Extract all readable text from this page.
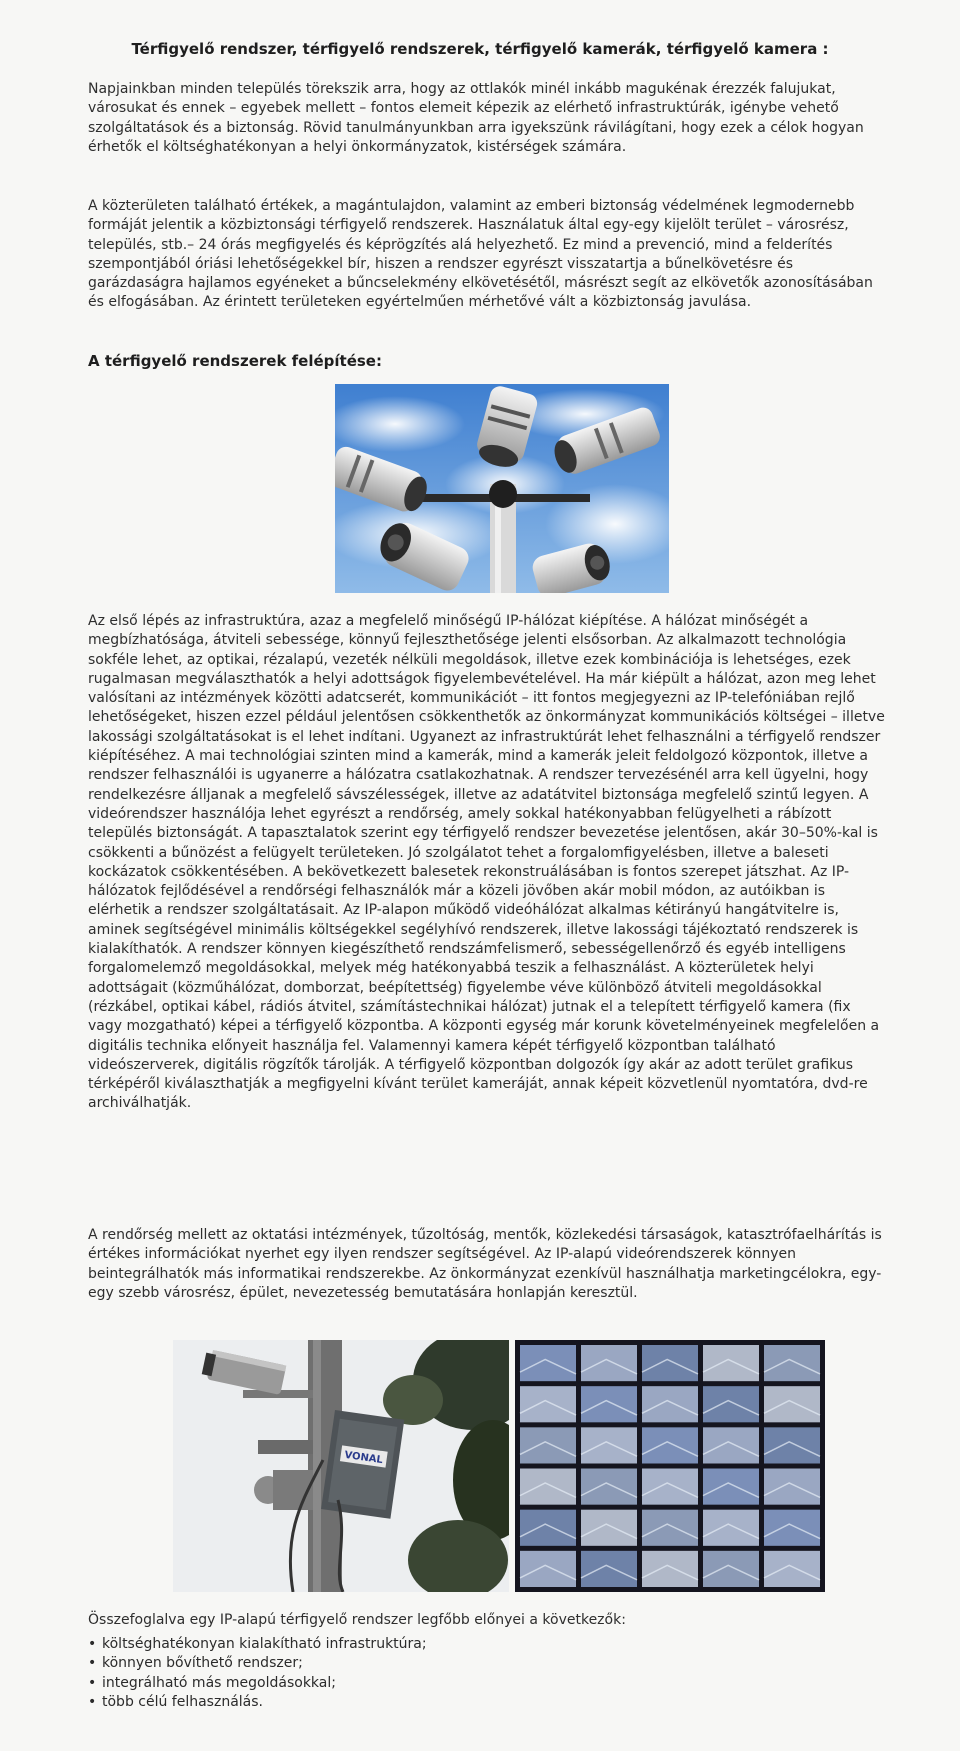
Térfigyelő rendszer, térfigyelő rendszerek, térfigyelő kamerák, térfigyelő kamera :

Napjainkban minden település törekszik arra, hogy az ottlakók minél inkább magukénak érezzék falujukat, városukat és ennek – egyebek mellett – fontos elemeit képezik az elérhető infrastruktúrák, igénybe vehető szolgáltatások és a biztonság. Rövid tanulmányunkban arra igyekszünk rávilágítani, hogy ezek a célok hogyan érhetők el költséghatékonyan a helyi önkormányzatok, kistérségek számára.

A közterületen található értékek, a magántulajdon, valamint az emberi biztonság védelmének legmodernebb formáját jelentik a közbiztonsági térfigyelő rendszerek. Használatuk által egy-egy kijelölt terület – városrész, település, stb.– 24 órás megfigyelés és képrögzítés alá helyezhető. Ez mind a prevenció, mind a felderítés szempontjából óriási lehetőségekkel bír, hiszen a rendszer egyrészt visszatartja a bűnelkövetésre és garázdaságra hajlamos egyéneket a bűncselekmény elkövetésétől, másrészt segít az elkövetők azonosításában és elfogásában. Az érintett területeken egyértelműen mérhetővé vált a közbiztonság javulása.

A térfigyelő rendszerek felépítése:

Az első lépés az infrastruktúra, azaz a megfelelő minőségű IP-hálózat kiépítése. A hálózat minőségét a megbízhatósága, átviteli sebessége, könnyű fejleszthetősége jelenti elsősorban. Az alkalmazott technológia sokféle lehet, az optikai, rézalapú, vezeték nélküli megoldások, illetve ezek kombinációja is lehetséges, ezek rugalmasan megválaszthatók a helyi adottságok figyelembevételével. Ha már kiépült a hálózat, azon meg lehet valósítani az intézmények közötti adatcserét, kommunikációt – itt fontos megjegyezni az IP-telefóniában rejlő lehetőségeket, hiszen ezzel például jelentősen csökkenthetők az önkormányzat kommunikációs költségei – illetve lakossági szolgáltatásokat is el lehet indítani. Ugyanezt az infrastruktúrát lehet felhasználni a térfigyelő rendszer kiépítéséhez. A mai technológiai szinten mind a kamerák, mind a kamerák jeleit feldolgozó központok, illetve a rendszer felhasználói is ugyanerre a hálózatra csatlakozhatnak. A rendszer tervezésénél arra kell ügyelni, hogy rendelkezésre álljanak a megfelelő sávszélességek, illetve az adatátvitel biztonsága megfelelő szintű legyen. A videórendszer használója lehet egyrészt a rendőrség, amely sokkal hatékonyabban felügyelheti a rábízott település biztonságát. A tapasztalatok szerint egy térfigyelő rendszer bevezetése jelentősen, akár 30–50%-kal is csökkenti a bűnözést a felügyelt területeken. Jó szolgálatot tehet a forgalomfigyelésben, illetve a baleseti kockázatok csökkentésében. A bekövetkezett balesetek rekonstruálásában is fontos szerepet játszhat. Az IP-hálózatok fejlődésével a rendőrségi felhasználók már a közeli jövőben akár mobil módon, az autóikban is elérhetik a rendszer szolgáltatásait. Az IP-alapon működő videóhálózat alkalmas kétirányú hangátvitelre is, aminek segítségével minimális költségekkel segélyhívó rendszerek, illetve lakossági tájékoztató rendszerek is kialakíthatók. A rendszer könnyen kiegészíthető rendszámfelismerő, sebességellenőrző és egyéb intelligens forgalomelemző megoldásokkal, melyek még hatékonyabbá teszik a felhasználást. A közterületek helyi adottságait (közműhálózat, domborzat, beépítettség) figyelembe véve különböző átviteli megoldásokkal (rézkábel, optikai kábel, rádiós átvitel, számítástechnikai hálózat) jutnak el a telepített térfigyelő kamera (fix vagy mozgatható) képei a térfigyelő központba. A központi egység már korunk követelményeinek megfelelően a digitális technika előnyeit használja fel. Valamennyi kamera képét térfigyelő központban található videószerverek, digitális rögzítők tárolják. A térfigyelő központban dolgozók így akár az adott terület grafikus térképéről kiválaszthatják a megfigyelni kívánt terület kameráját, annak képeit közvetlenül nyomtatóra, dvd-re archiválhatják.

A rendőrség mellett az oktatási intézmények, tűzoltóság, mentők, közlekedési társaságok, katasztrófaelhárítás is értékes információkat nyerhet egy ilyen rendszer segítségével. Az IP-alapú videórendszerek könnyen beintegrálhatók más informatikai rendszerekbe. Az önkormányzat ezenkívül használhatja marketingcélokra, egy-egy szebb városrész, épület, nevezetesség bemutatására honlapján keresztül.

VONAL

Összefoglalva egy IP-alapú térfigyelő rendszer legfőbb előnyei a következők:

• költséghatékonyan kialakítható infrastruktúra;
• könnyen bővíthető rendszer;
• integrálható más megoldásokkal;
• több célú felhasználás.
